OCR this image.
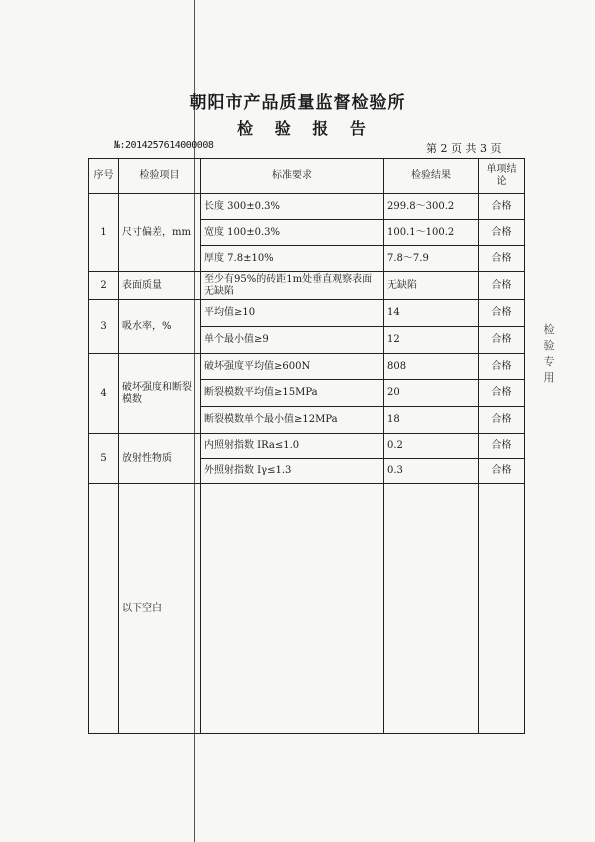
朝阳市产品质量监督检验所
检 验 报 告
№:2014257614000008	第 2 页 共 3 页
序号	检验项目	标准要求	检验结果	单项结论
1	尺寸偏差，mm	长度 300±0.3%	299.8～300.2	合格
		宽度 100±0.3%	100.1～100.2	合格
		厚度 7.8±10%	7.8～7.9	合格
2	表面质量	至少有95%的砖距1m处垂直观察表面无缺陷	无缺陷	合格
3	吸水率，%	平均值≥10	14	合格
		单个最小值≥9	12	合格
4	破坏强度和断裂模数	破坏强度平均值≥600N	808	合格
		断裂模数平均值≥15MPa	20	合格
		断裂模数单个最小值≥12MPa	18	合格
5	放射性物质	内照射指数 IRa≤1.0	0.2	合格
		外照射指数 Iγ≤1.3	0.3	合格
	以下空白			
检验专用
